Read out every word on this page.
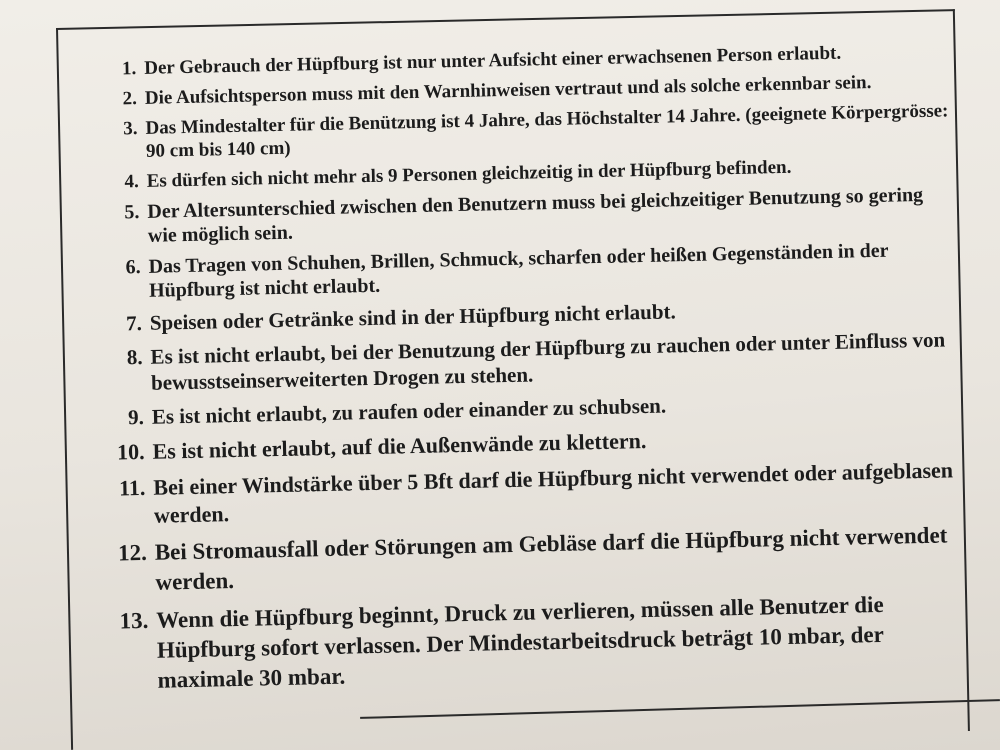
1. Der Gebrauch der Hüpfburg ist nur unter Aufsicht einer erwachsenen Person erlaubt.
2. Die Aufsichtsperson muss mit den Warnhinweisen vertraut und als solche erkennbar sein.
3. Das Mindestalter für die Benützung ist 4 Jahre, das Höchstalter 14 Jahre. (geeignete Körpergrösse: 90 cm bis 140 cm)
4. Es dürfen sich nicht mehr als 9 Personen gleichzeitig in der Hüpfburg befinden.
5. Der Altersunterschied zwischen den Benutzern muss bei gleichzeitiger Benutzung so gering wie möglich sein.
6. Das Tragen von Schuhen, Brillen, Schmuck, scharfen oder heißen Gegenständen in der Hüpfburg ist nicht erlaubt.
7. Speisen oder Getränke sind in der Hüpfburg nicht erlaubt.
8. Es ist nicht erlaubt, bei der Benutzung der Hüpfburg zu rauchen oder unter Einfluss von bewusstseinserweiterten Drogen zu stehen.
9. Es ist nicht erlaubt, zu raufen oder einander zu schubsen.
10. Es ist nicht erlaubt, auf die Außenwände zu klettern.
11. Bei einer Windstärke über 5 Bft darf die Hüpfburg nicht verwendet oder aufgeblasen werden.
12. Bei Stromausfall oder Störungen am Gebläse darf die Hüpfburg nicht verwendet werden.
13. Wenn die Hüpfburg beginnt, Druck zu verlieren, müssen alle Benutzer die Hüpfburg sofort verlassen. Der Mindestarbeitsdruck beträgt 10 mbar, der maximale 30 mbar.
